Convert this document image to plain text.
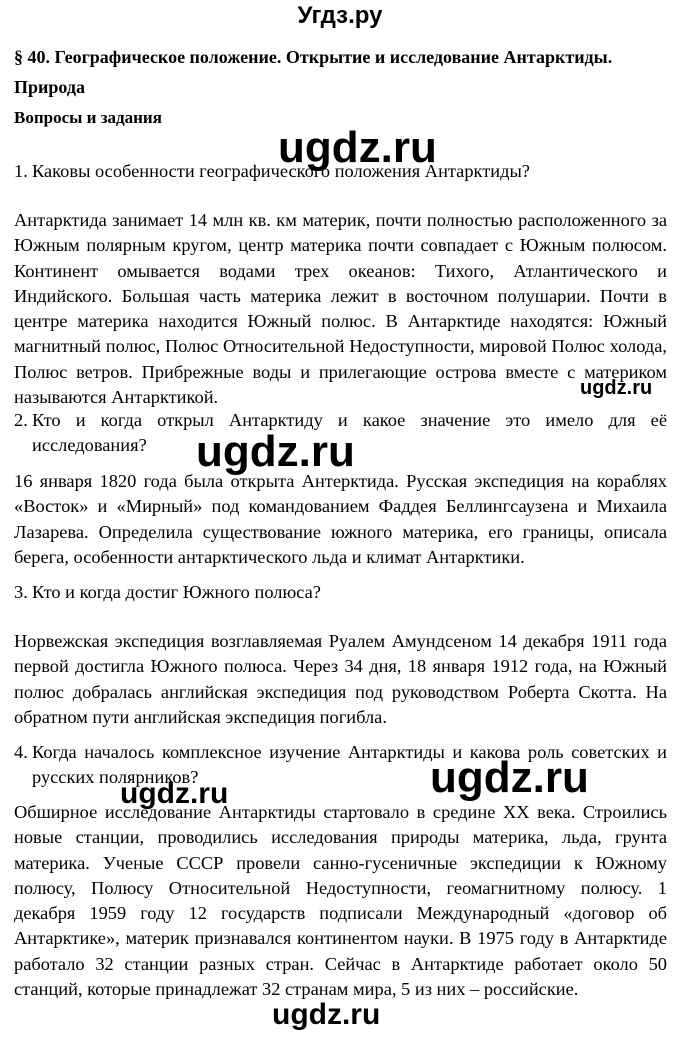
Угдз.ру
§ 40. Географическое положение. Открытие и исследование Антарктиды. Природа
Вопросы и задания
1. Каковы особенности географического положения Антарктиды?
Антарктида занимает 14 млн кв. км материк, почти полностью расположенного за Южным полярным кругом, центр материка почти совпадает с Южным полюсом. Континент омывается водами трех океанов: Тихого, Атлантического и Индийского. Большая часть материка лежит в восточном полушарии. Почти в центре материка находится Южный полюс. В Антарктиде находятся: Южный магнитный полюс, Полюс Относительной Недоступности, мировой Полюс холода, Полюс ветров. Прибрежные воды и прилегающие острова вместе с материком называются Антарктикой.
2. Кто и когда открыл Антарктиду и какое значение это имело для её исследования?
16 января 1820 года была открыта Антерктида. Русская экспедиция на кораблях «Восток» и «Мирный» под командованием Фаддея Беллингсаузена и Михаила Лазарева. Определила существование южного материка, его границы, описала берега, особенности антарктического льда и климат Антарктики.
3. Кто и когда достиг Южного полюса?
Норвежская экспедиция возглавляемая Руалем Амундсеном 14 декабря 1911 года первой достигла Южного полюса. Через 34 дня, 18 января 1912 года, на Южный полюс добралась английская экспедиция под руководством Роберта Скотта. На обратном пути английская экспедиция погибла.
4. Когда началось комплексное изучение Антарктиды и какова роль советских и русских полярников?
Обширное исследование Антарктиды стартовало в средине XX века. Строились новые станции, проводились исследования природы материка, льда, грунта материка. Ученые СССР провели санно-гусеничные экспедиции к Южному полюсу, Полюсу Относительной Недоступности, геомагнитному полюсу. 1 декабря 1959 году 12 государств подписали Международный «договор об Антарктике», материк признавался континентом науки. В 1975 году в Антарктиде работало 32 станции разных стран. Сейчас в Антарктиде работает около 50 станций, которые принадлежат 32 странам мира, 5 из них – российские.
ugdz.ru
ugdz.ru
ugdz.ru
ugdz.ru
ugdz.ru
ugdz.ru
